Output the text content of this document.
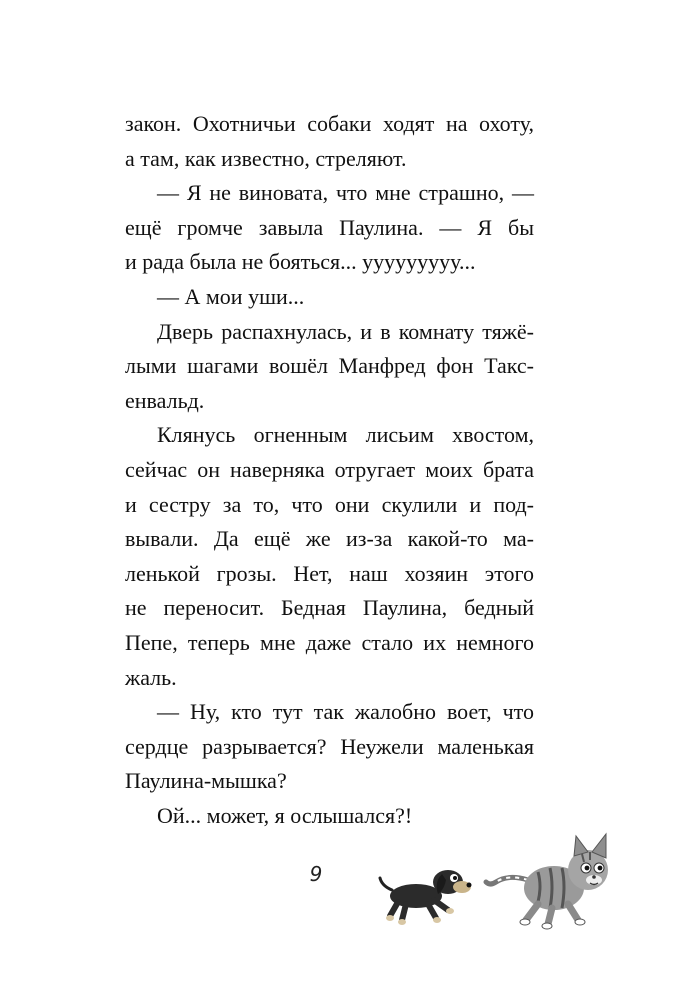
закон. Охотничьи собаки ходят на охоту,
а там, как известно, стреляют.
— Я не виновата, что мне страшно, —
ещё громче завыла Паулина. — Я бы
и рада была не бояться... ууууууууу...
— А мои уши...
Дверь распахнулась, и в комнату тяжё-
лыми шагами вошёл Манфред фон Такс-
енвальд.
Клянусь огненным лисьим хвостом,
сейчас он наверняка отругает моих брата
и сестру за то, что они скулили и под-
вывали. Да ещё же из-за какой-то ма-
ленькой грозы. Нет, наш хозяин этого
не переносит. Бедная Паулина, бедный
Пепе, теперь мне даже стало их немного
жаль.
— Ну, кто тут так жалобно воет, что
сердце разрывается? Неужели маленькая
Паулина-мышка?
Ой... может, я ослышался?!
9
